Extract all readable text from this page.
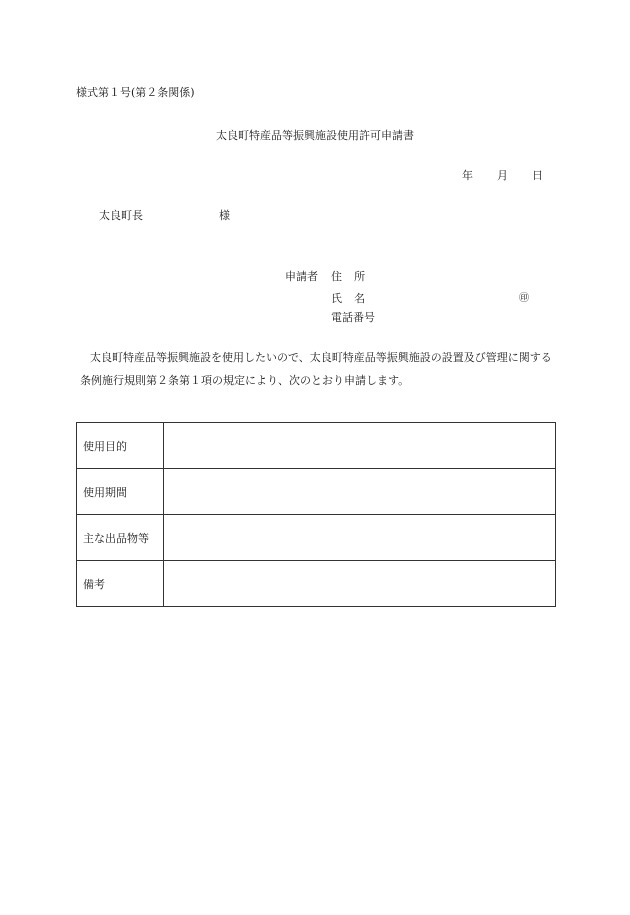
様式第１号(第２条関係)
太良町特産品等振興施設使用許可申請書
年 月 日
太良町長	様
申請者 住所
氏名	㊞
電話番号
太良町特産品等振興施設を使用したいので、太良町特産品等振興施設の設置及び管理に関する条例施行規則第２条第１項の規定により、次のとおり申請します。
使用目的	
使用期間	
主な出品物等	
備考	
